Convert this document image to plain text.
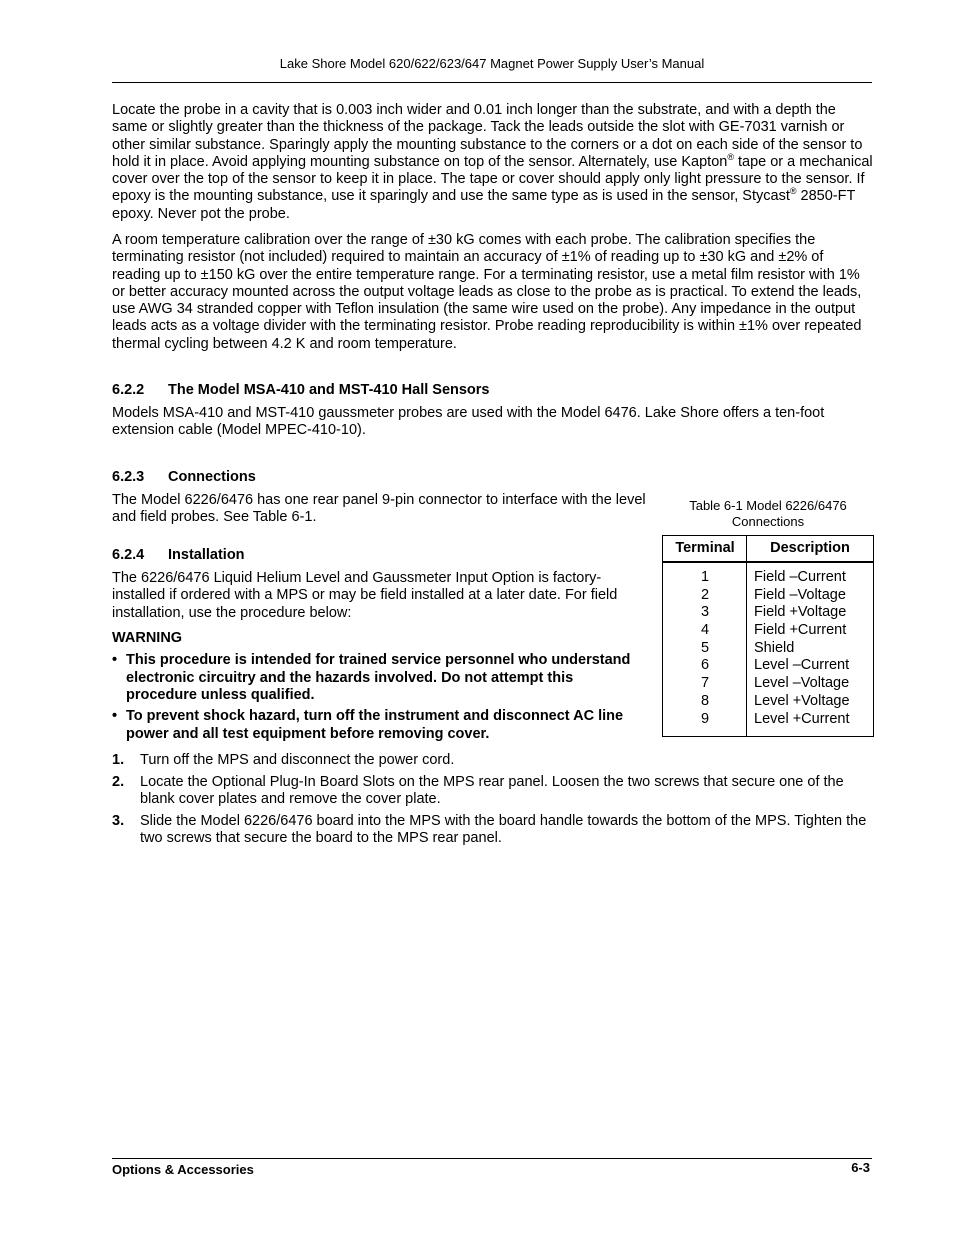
Lake Shore Model 620/622/623/647 Magnet Power Supply User’s Manual

Locate the probe in a cavity that is 0.003 inch wider and 0.01 inch longer than the substrate, and with a depth the same or slightly greater than the thickness of the package. Tack the leads outside the slot with GE-7031 varnish or other similar substance. Sparingly apply the mounting substance to the corners or a dot on each side of the sensor to hold it in place. Avoid applying mounting substance on top of the sensor. Alternately, use Kapton® tape or a mechanical cover over the top of the sensor to keep it in place. The tape or cover should apply only light pressure to the sensor. If epoxy is the mounting substance, use it sparingly and use the same type as is used in the sensor, Stycast® 2850-FT epoxy. Never pot the probe.

A room temperature calibration over the range of ±30 kG comes with each probe. The calibration specifies the terminating resistor (not included) required to maintain an accuracy of ±1% of reading up to ±30 kG and ±2% of reading up to ±150 kG over the entire temperature range. For a terminating resistor, use a metal film resistor with 1% or better accuracy mounted across the output voltage leads as close to the probe as is practical. To extend the leads, use AWG 34 stranded copper with Teflon insulation (the same wire used on the probe). Any impedance in the output leads acts as a voltage divider with the terminating resistor. Probe reading reproducibility is within ±1% over repeated thermal cycling between 4.2 K and room temperature.

6.2.2 The Model MSA-410 and MST-410 Hall Sensors

Models MSA-410 and MST-410 gaussmeter probes are used with the Model 6476. Lake Shore offers a ten-foot extension cable (Model MPEC-410-10).

6.2.3 Connections

The Model 6226/6476 has one rear panel 9-pin connector to interface with the level and field probes. See Table 6-1.

6.2.4 Installation

The 6226/6476 Liquid Helium Level and Gaussmeter Input Option is factory-installed if ordered with a MPS or may be field installed at a later date. For field installation, use the procedure below:

WARNING
• This procedure is intended for trained service personnel who understand electronic circuitry and the hazards involved. Do not attempt this procedure unless qualified.
• To prevent shock hazard, turn off the instrument and disconnect AC line power and all test equipment before removing cover.
1. Turn off the MPS and disconnect the power cord.
2. Locate the Optional Plug-In Board Slots on the MPS rear panel. Loosen the two screws that secure one of the blank cover plates and remove the cover plate.
3. Slide the Model 6226/6476 board into the MPS with the board handle towards the bottom of the MPS. Tighten the two screws that secure the board to the MPS rear panel.
Table 6-1 Model 6226/6476
Connections
Terminal	Description
1	Field –Current
2	Field –Voltage
3	Field +Voltage
4	Field +Current
5	Shield
6	Level –Current
7	Level –Voltage
8	Level +Voltage
9	Level +Current
Options & Accessories	6-3
